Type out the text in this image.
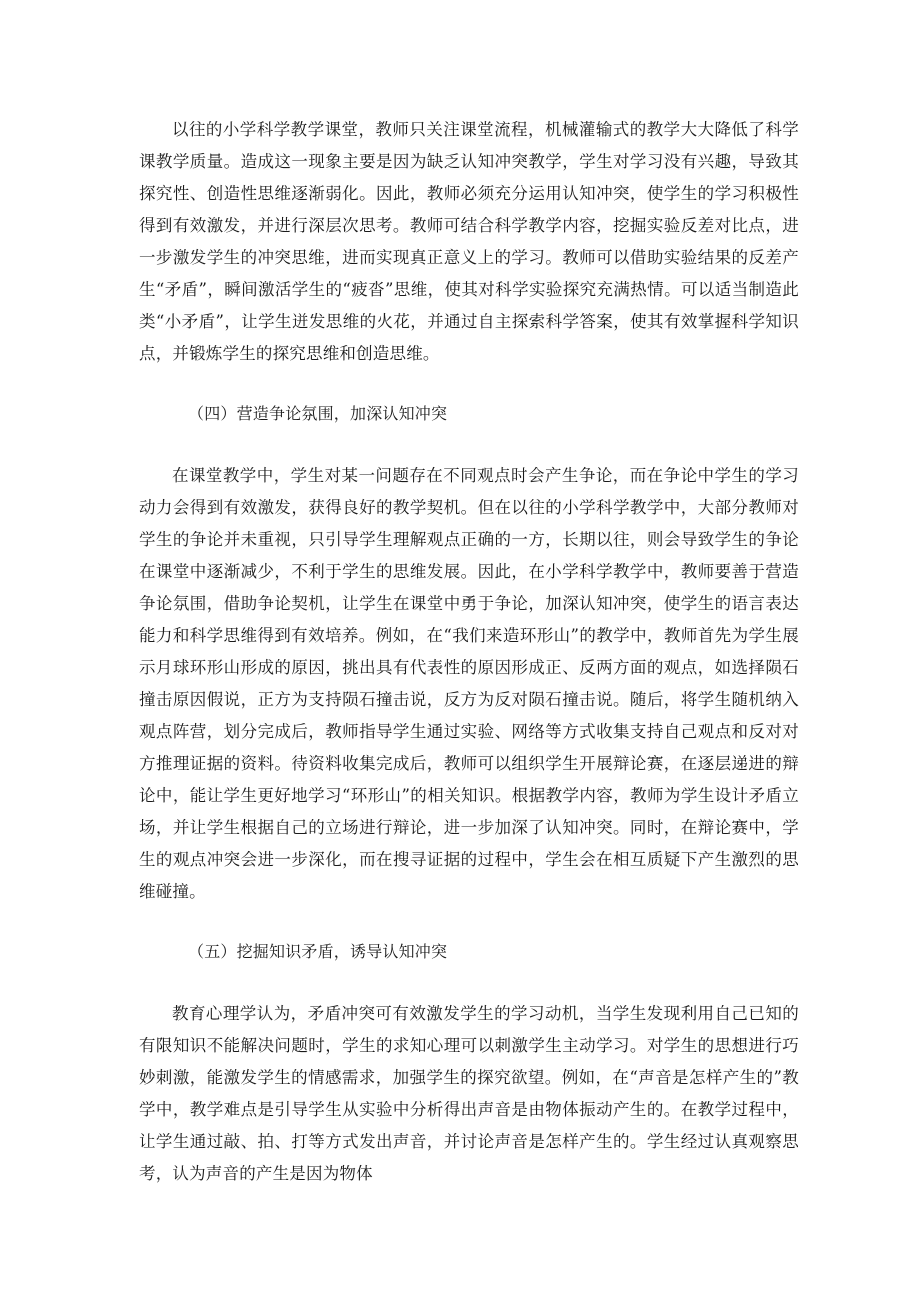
以往的小学科学教学课堂，教师只关注课堂流程，机械灌输式的教学大大降低了科学课教学质量。造成这一现象主要是因为缺乏认知冲突教学，学生对学习没有兴趣，导致其探究性、创造性思维逐渐弱化。因此，教师必须充分运用认知冲突，使学生的学习积极性得到有效激发，并进行深层次思考。教师可结合科学教学内容，挖掘实验反差对比点，进一步激发学生的冲突思维，进而实现真正意义上的学习。教师可以借助实验结果的反差产生“矛盾”，瞬间激活学生的“疲沓”思维，使其对科学实验探究充满热情。可以适当制造此类“小矛盾”，让学生迸发思维的火花，并通过自主探索科学答案，使其有效掌握科学知识点，并锻炼学生的探究思维和创造思维。

（四）营造争论氛围，加深认知冲突

在课堂教学中，学生对某一问题存在不同观点时会产生争论，而在争论中学生的学习动力会得到有效激发，获得良好的教学契机。但在以往的小学科学教学中，大部分教师对学生的争论并未重视，只引导学生理解观点正确的一方，长期以往，则会导致学生的争论在课堂中逐渐减少，不利于学生的思维发展。因此，在小学科学教学中，教师要善于营造争论氛围，借助争论契机，让学生在课堂中勇于争论，加深认知冲突，使学生的语言表达能力和科学思维得到有效培养。例如，在“我们来造环形山”的教学中，教师首先为学生展示月球环形山形成的原因，挑出具有代表性的原因形成正、反两方面的观点，如选择陨石撞击原因假说，正方为支持陨石撞击说，反方为反对陨石撞击说。随后，将学生随机纳入观点阵营，划分完成后，教师指导学生通过实验、网络等方式收集支持自己观点和反对对方推理证据的资料。待资料收集完成后，教师可以组织学生开展辩论赛，在逐层递进的辩论中，能让学生更好地学习“环形山”的相关知识。根据教学内容，教师为学生设计矛盾立场，并让学生根据自己的立场进行辩论，进一步加深了认知冲突。同时，在辩论赛中，学生的观点冲突会进一步深化，而在搜寻证据的过程中，学生会在相互质疑下产生激烈的思维碰撞。

（五）挖掘知识矛盾，诱导认知冲突

教育心理学认为，矛盾冲突可有效激发学生的学习动机，当学生发现利用自己已知的有限知识不能解决问题时，学生的求知心理可以刺激学生主动学习。对学生的思想进行巧妙刺激，能激发学生的情感需求，加强学生的探究欲望。例如，在“声音是怎样产生的”教学中，教学难点是引导学生从实验中分析得出声音是由物体振动产生的。在教学过程中，让学生通过敲、拍、打等方式发出声音，并讨论声音是怎样产生的。学生经过认真观察思考，认为声音的产生是因为物体
